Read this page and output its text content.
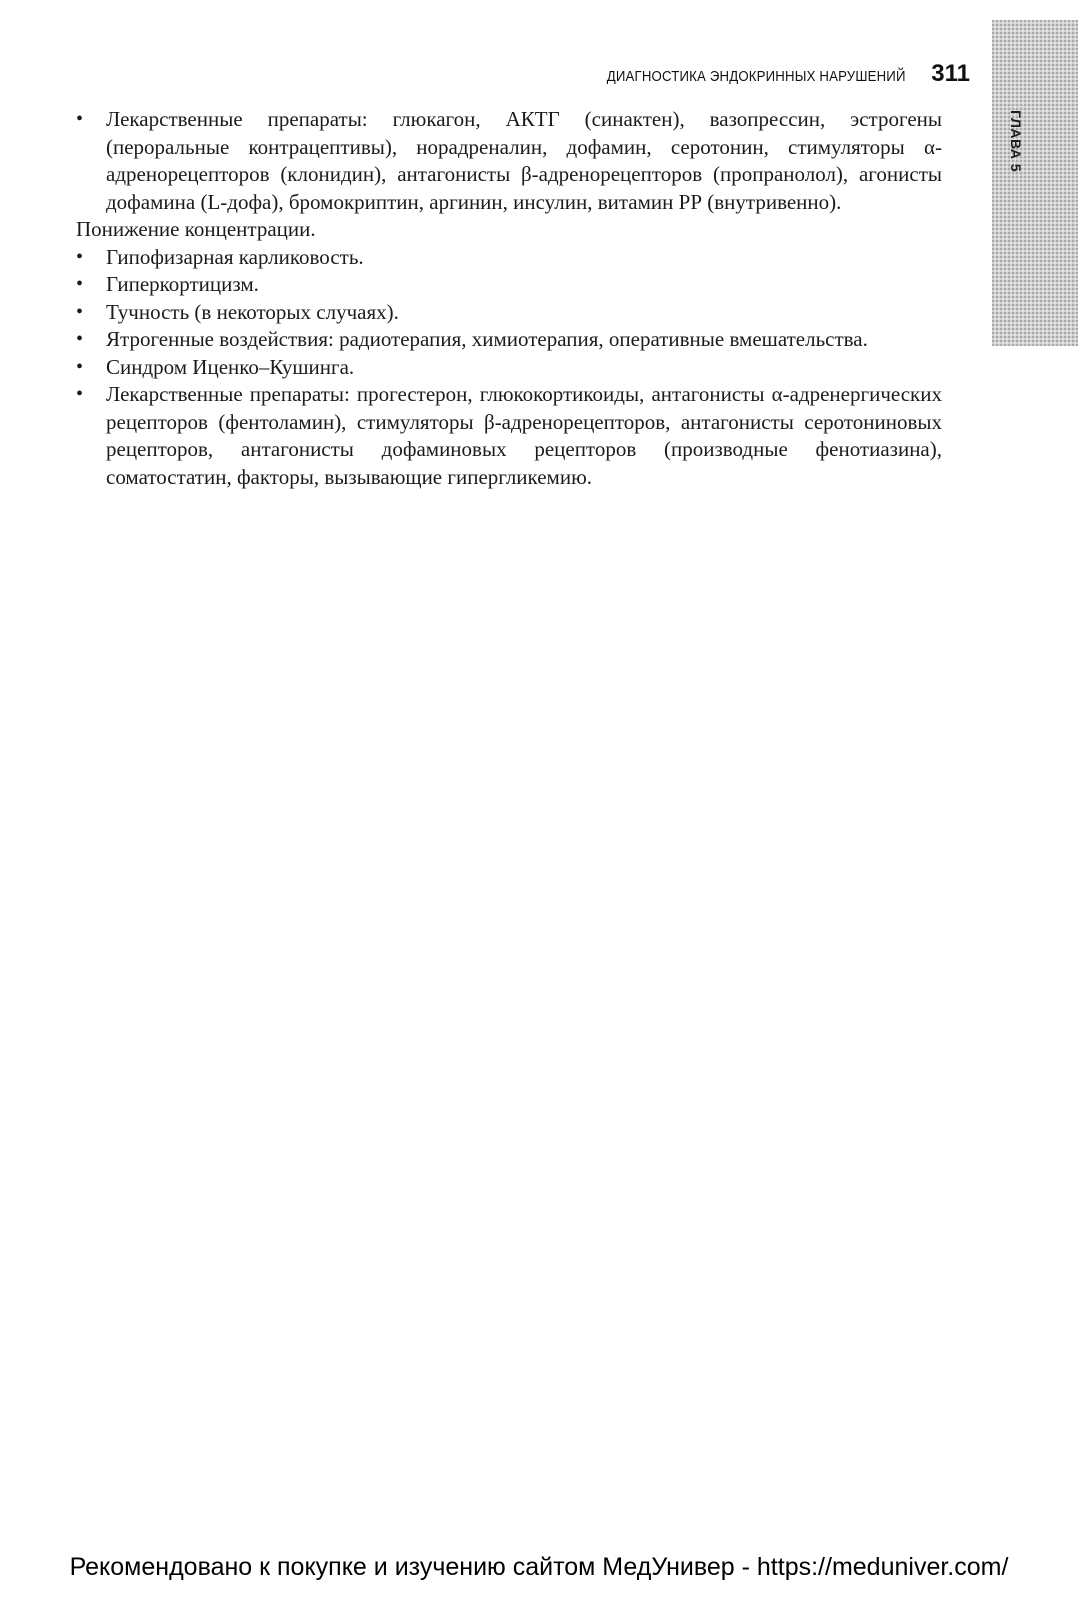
ГЛАВА 5
ДИАГНОСТИКА ЭНДОКРИННЫХ НАРУШЕНИЙ 311
•	Лекарственные препараты: глюкагон, АКТГ (синактен), вазопрессин, эстрогены (пероральные контрацептивы), норадреналин, дофамин, серотонин, стимуляторы α-адренорецепторов (клонидин), антагонисты β-адренорецепторов (пропранолол), агонисты дофамина (L-дофа), бромокриптин, аргинин, инсулин, витамин РР (внутривенно).

Понижение концентрации.

•	Гипофизарная карликовость.
•	Гиперкортицизм.
•	Тучность (в некоторых случаях).
•	Ятрогенные воздействия: радиотерапия, химиотерапия, оперативные вмешательства.
•	Синдром Иценко–Кушинга.
•	Лекарственные препараты: прогестерон, глюкокортикоиды, антагонисты α-адренергических рецепторов (фентоламин), стимуляторы β-адренорецепторов, антагонисты серотониновых рецепторов, антагонисты дофаминовых рецепторов (производные фенотиазина), соматостатин, факторы, вызывающие гипергликемию.
Рекомендовано к покупке и изучению сайтом МедУнивер - https://meduniver.com/
